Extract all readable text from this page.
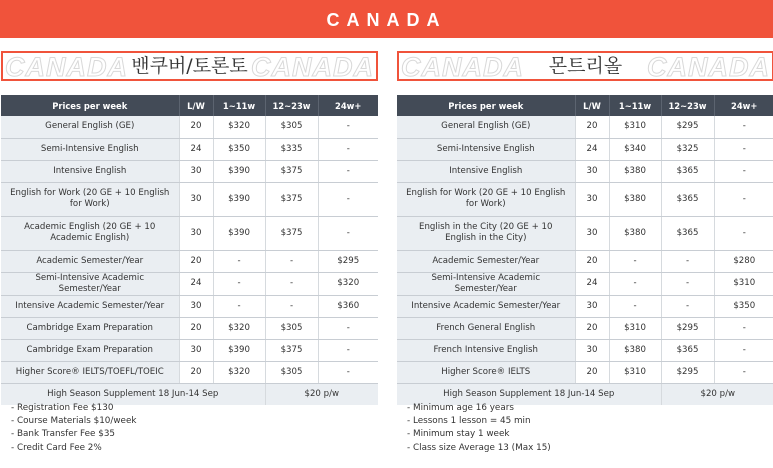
CANADA
CANADA	CANADA
밴쿠버/토론토
Prices per week	L/W	1~11w	12~23w	24w+
General English (GE)	20	$320	$305	-
Semi-Intensive English	24	$350	$335	-
Intensive English	30	$390	$375	-
English for Work (20 GE + 10 English for Work)	30	$390	$375	-
Academic English (20 GE + 10 Academic English)	30	$390	$375	-
Academic Semester/Year	20	-	-	$295
Semi-Intensive Academic Semester/Year	24	-	-	$320
Intensive Academic Semester/Year	30	-	-	$360
Cambridge Exam Preparation	20	$320	$305	-
Cambridge Exam Preparation	30	$390	$375	-
Higher Score® IELTS/TOEFL/TOEIC	20	$320	$305	-
High Season Supplement 18 Jun-14 Sep			$20 p/w	
- Registration Fee $130
- Course Materials $10/week
- Bank Transfer Fee $35
- Credit Card Fee 2%
CANADA	CANADA
몬트리올
Prices per week	L/W	1~11w	12~23w	24w+
General English (GE)	20	$310	$295	-
Semi-Intensive English	24	$340	$325	-
Intensive English	30	$380	$365	-
English for Work (20 GE + 10 English for Work)	30	$380	$365	-
English in the City (20 GE + 10 English in the City)	30	$380	$365	-
Academic Semester/Year	20	-	-	$280
Semi-Intensive Academic Semester/Year	24	-	-	$310
Intensive Academic Semester/Year	30	-	-	$350
French General English	20	$310	$295	-
French Intensive English	30	$380	$365	-
Higher Score® IELTS	20	$310	$295	-
High Season Supplement 18 Jun-14 Sep			$20 p/w	
- Minimum age 16 years
- Lessons 1 lesson = 45 min
- Minimum stay 1 week
- Class size Average 13 (Max 15)
